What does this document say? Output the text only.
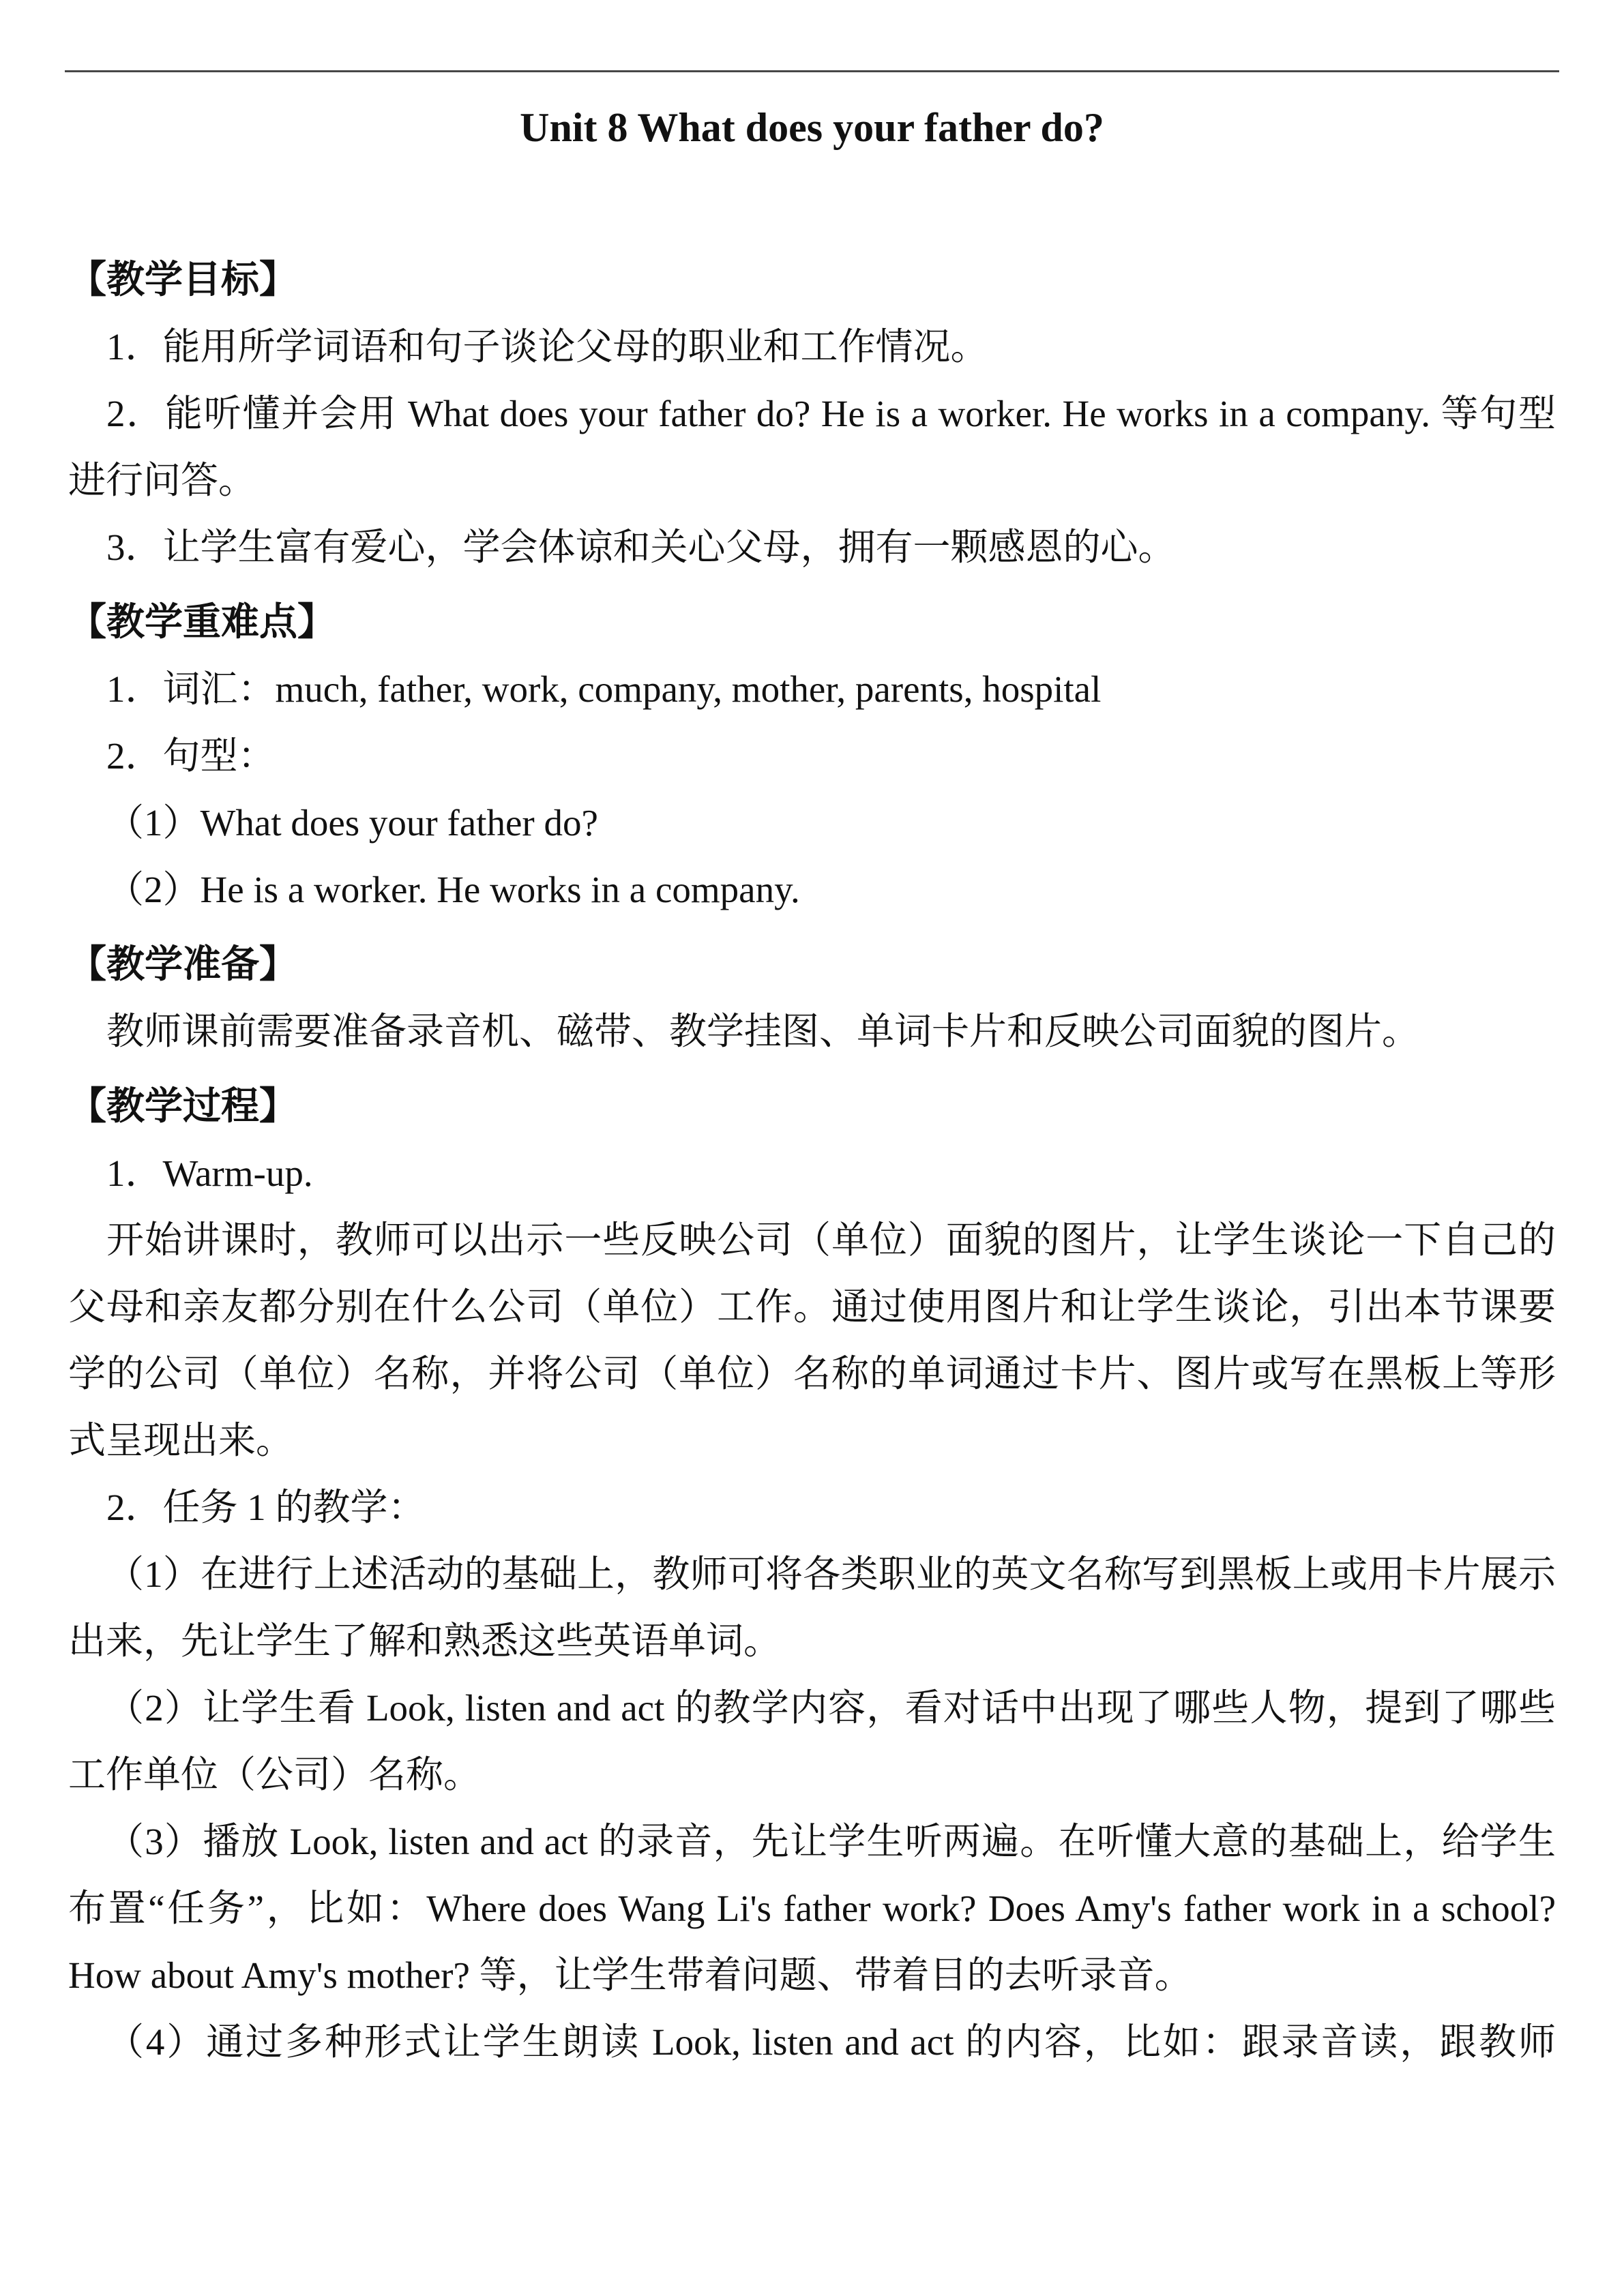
Unit 8 What does your father do?
【教学目标】

1．能用所学词语和句子谈论父母的职业和工作情况。

2．能听懂并会用 What does your father do? He is a worker. He works in a company. 等句型进行问答。

3．让学生富有爱心，学会体谅和关心父母，拥有一颗感恩的心。

【教学重难点】

1．词汇：much, father, work, company, mother, parents, hospital

2．句型：

（1）What does your father do?

（2）He is a worker. He works in a company.

【教学准备】

教师课前需要准备录音机、磁带、教学挂图、单词卡片和反映公司面貌的图片。

【教学过程】

1．Warm-up.

开始讲课时，教师可以出示一些反映公司（单位）面貌的图片，让学生谈论一下自己的父母和亲友都分别在什么公司（单位）工作。通过使用图片和让学生谈论，引出本节课要学的公司（单位）名称，并将公司（单位）名称的单词通过卡片、图片或写在黑板上等形式呈现出来。

2．任务 1 的教学：

（1）在进行上述活动的基础上，教师可将各类职业的英文名称写到黑板上或用卡片展示出来，先让学生了解和熟悉这些英语单词。

（2）让学生看 Look, listen and act 的教学内容，看对话中出现了哪些人物，提到了哪些工作单位（公司）名称。

（3）播放 Look, listen and act 的录音，先让学生听两遍。在听懂大意的基础上，给学生布置“任务”，比如：Where does Wang Li's father work? Does Amy's father work in a school? How about Amy's mother? 等，让学生带着问题、带着目的去听录音。

（4）通过多种形式让学生朗读 Look, listen and act 的内容，比如：跟录音读，跟教师
